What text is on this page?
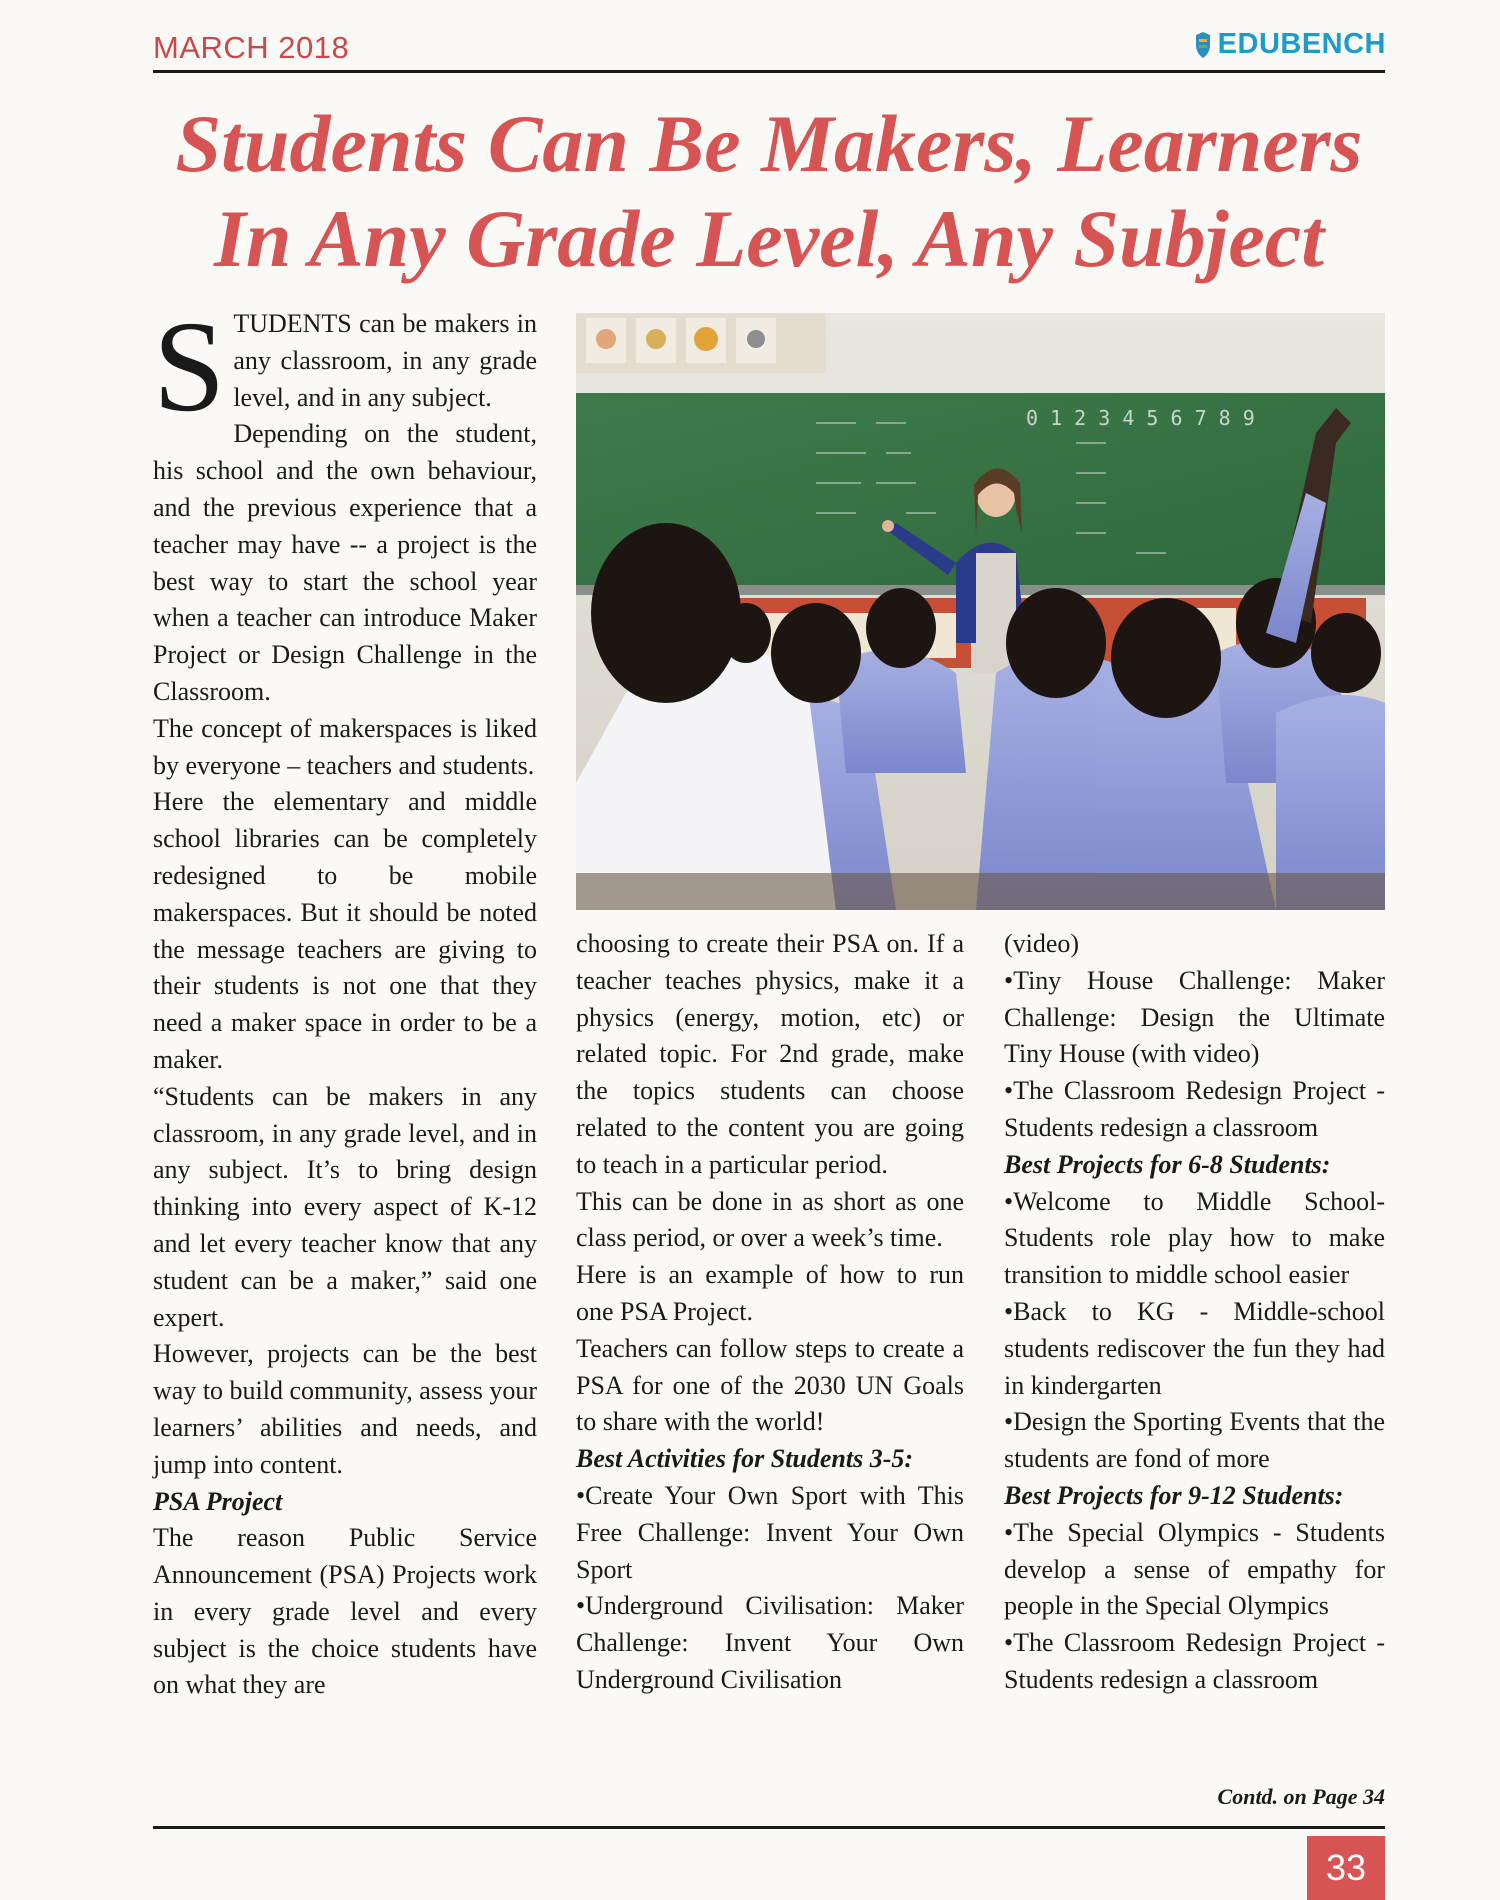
MARCH 2018	EDUBENCH
Students Can Be Makers, Learners
In Any Grade Level, Any Subject

STUDENTS can be makers in any classroom, in any grade level, and in any subject.

Depending on the student, his school and the own behaviour, and the previous experience that a teacher may have -- a project is the best way to start the school year when a teacher can introduce Maker Project or Design Challenge in the Classroom.

The concept of makerspaces is liked by everyone – teachers and students.

Here the elementary and middle school libraries can be completely redesigned to be mobile makerspaces. But it should be noted the message teachers are giving to their students is not one that they need a maker space in order to be a maker.

“Students can be makers in any classroom, in any grade level, and in any subject. It’s to bring design thinking into every aspect of K-12 and let every teacher know that any student can be a maker,” said one expert.

However, projects can be the best way to build community, assess your learners’ abilities and needs, and jump into content.

PSA Project

The reason Public Service Announcement (PSA) Projects work in every grade level and every subject is the choice students have on what they are

0 1 2 3 4 5 6 7 8 9

choosing to create their PSA on. If a teacher teaches physics, make it a physics (energy, motion, etc) or related topic. For 2nd grade, make the topics students can choose related to the content you are going to teach in a particular period.

This can be done in as short as one class period, or over a week’s time.

Here is an example of how to run one PSA Project.

Teachers can follow steps to create a PSA for one of the 2030 UN Goals to share with the world!

Best Activities for Students 3-5:

•Create Your Own Sport with This Free Challenge: Invent Your Own Sport

•Underground Civilisation: Maker Challenge: Invent Your Own Underground Civilisation

(video)

•Tiny House Challenge: Maker Challenge: Design the Ultimate Tiny House (with video)

•The Classroom Redesign Project - Students redesign a classroom

Best Projects for 6-8 Students:

•Welcome to Middle School- Students role play how to make transition to middle school easier

•Back to KG - Middle-school students rediscover the fun they had in kindergarten

•Design the Sporting Events that the students are fond of more

Best Projects for 9-12 Students:

•The Special Olympics - Students develop a sense of empathy for people in the Special Olympics

•The Classroom Redesign Project - Students redesign a classroom

Contd. on Page 34
33
